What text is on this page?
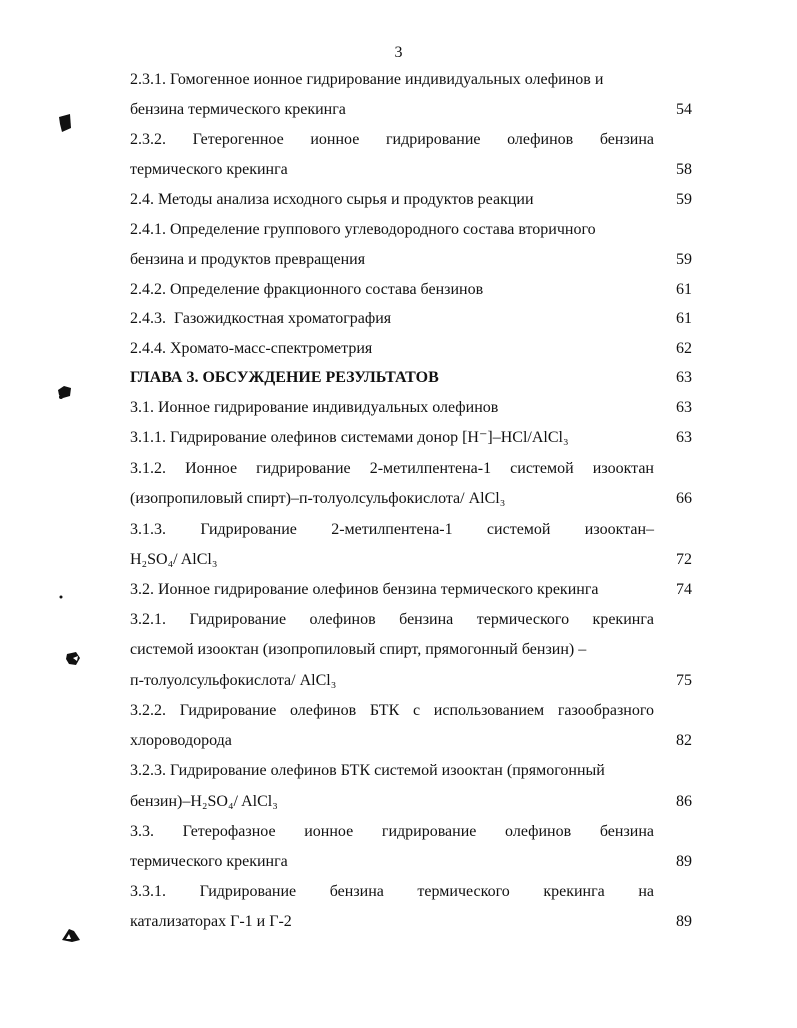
3
2.3.1. Гомогенное ионное гидрирование индивидуальных олефинов и
бензина термического крекинга	54
2.3.2. Гетерогенное ионное гидрирование олефинов бензина
термического крекинга	58
2.4. Методы анализа исходного сырья и продуктов реакции	59
2.4.1. Определение группового углеводородного состава вторичного
бензина и продуктов превращения	59
2.4.2. Определение фракционного состава бензинов	61
2.4.3.  Газожидкостная хроматография	61
2.4.4. Хромато-масс-спектрометрия	62
ГЛАВА 3. ОБСУЖДЕНИЕ РЕЗУЛЬТАТОВ	63
3.1. Ионное гидрирование индивидуальных олефинов	63
3.1.1. Гидрирование олефинов системами донор [H⁻]–HCl/AlCl₃	63
3.1.2. Ионное гидрирование 2-метилпентена-1 системой изооктан
(изопропиловый спирт)–п-толуолсульфокислота/ AlCl₃	66
3.1.3. Гидрирование 2-метилпентена-1 системой изооктан–
H₂SO₄/ AlCl₃	72
3.2. Ионное гидрирование олефинов бензина термического крекинга	74
3.2.1. Гидрирование олефинов бензина термического крекинга
системой изооктан (изопропиловый спирт, прямогонный бензин) –
п-толуолсульфокислота/ AlCl₃	75
3.2.2. Гидрирование олефинов БТК с использованием газообразного
хлороводорода	82
3.2.3. Гидрирование олефинов БТК системой изооктан (прямогонный
бензин)–H₂SO₄/ AlCl₃	86
3.3. Гетерофазное ионное гидрирование олефинов бензина
термического крекинга	89
3.3.1. Гидрирование бензина термического крекинга на
катализаторах Г-1 и Г-2	89
